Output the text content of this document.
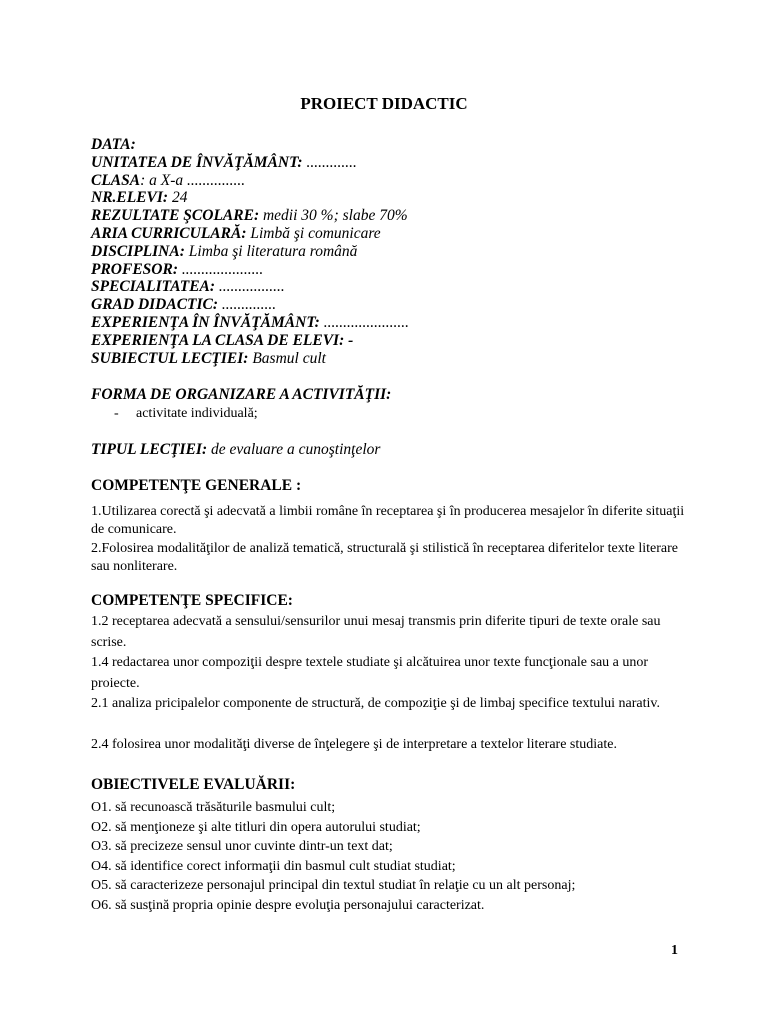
PROIECT DIDACTIC
DATA:
UNITATEA DE ÎNVĂŢĂMÂNT: .............
CLASA: a X-a ...............
NR.ELEVI: 24
REZULTATE ŞCOLARE: medii 30 %; slabe 70%
ARIA CURRICULARĂ: Limbă şi comunicare
DISCIPLINA: Limba şi literatura română
PROFESOR: .....................
SPECIALITATEA: .................
GRAD DIDACTIC: ..............
EXPERIENŢA ÎN ÎNVĂŢĂMÂNT: ......................
EXPERIENŢA LA CLASA DE ELEVI: -
SUBIECTUL LECŢIEI: Basmul cult
FORMA DE ORGANIZARE A ACTIVITĂŢII:
- activitate individuală;
TIPUL LECŢIEI: de evaluare a cunoştinţelor
COMPETENŢE GENERALE :
1.Utilizarea corectă şi adecvată a limbii române în receptarea şi în producerea mesajelor în diferite situaţii de comunicare.
2.Folosirea modalităţilor de analiză tematică, structurală şi stilistică în receptarea diferitelor texte literare sau nonliterare.
COMPETENŢE SPECIFICE:
1.2 receptarea adecvată a sensului/sensurilor unui mesaj transmis prin diferite tipuri de texte orale sau scrise.
1.4 redactarea unor compoziţii despre textele studiate şi alcătuirea unor texte funcţionale sau a unor proiecte.
2.1 analiza pricipalelor componente de structură, de compoziţie şi de limbaj specifice textului narativ.
2.4 folosirea unor modalităţi diverse de înţelegere şi de interpretare a textelor literare studiate.
OBIECTIVELE EVALUĂRII:
O1. să recunoască trăsăturile basmului cult;
O2. să menţioneze şi alte titluri din opera autorului studiat;
O3. să precizeze sensul unor cuvinte dintr-un text dat;
O4. să identifice corect informaţii din basmul cult studiat studiat;
O5. să caracterizeze personajul principal din textul studiat în relaţie cu un alt personaj;
O6. să susţină propria opinie despre evoluţia personajului caracterizat.
1
